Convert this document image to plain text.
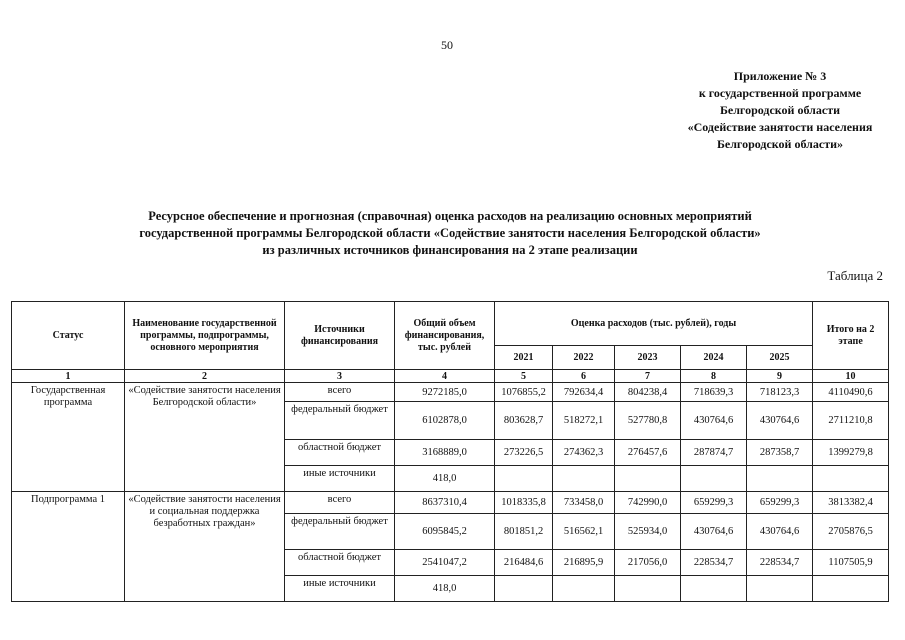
50
Приложение № 3
к государственной программе
Белгородской области
«Содействие занятости населения
Белгородской области»
Ресурсное обеспечение и прогнозная (справочная) оценка расходов на реализацию основных мероприятий
государственной программы Белгородской области «Содействие занятости населения Белгородской области»
из различных источников финансирования на 2 этапе реализации
Таблица 2
Статус	Наименование государственной программы, подпрограммы, основного мероприятия	Источники финансирования	Общий объем финансирования, тыс. рублей	Оценка расходов (тыс. рублей), годы					Итого на 2 этапе
				2021	2022	2023	2024	2025	
1	2	3	4	5	6	7	8	9	10
Государственная программа	«Содействие занятости населения Белгородской области»	всего	9272185,0	1076855,2	792634,4	804238,4	718639,3	718123,3	4110490,6
		федеральный бюджет	6102878,0	803628,7	518272,1	527780,8	430764,6	430764,6	2711210,8
		областной бюджет	3168889,0	273226,5	274362,3	276457,6	287874,7	287358,7	1399279,8
		иные источники	418,0						
Подпрограмма 1	«Содействие занятости населения и социальная поддержка безработных граждан»	всего	8637310,4	1018335,8	733458,0	742990,0	659299,3	659299,3	3813382,4
		федеральный бюджет	6095845,2	801851,2	516562,1	525934,0	430764,6	430764,6	2705876,5
		областной бюджет	2541047,2	216484,6	216895,9	217056,0	228534,7	228534,7	1107505,9
		иные источники	418,0						
